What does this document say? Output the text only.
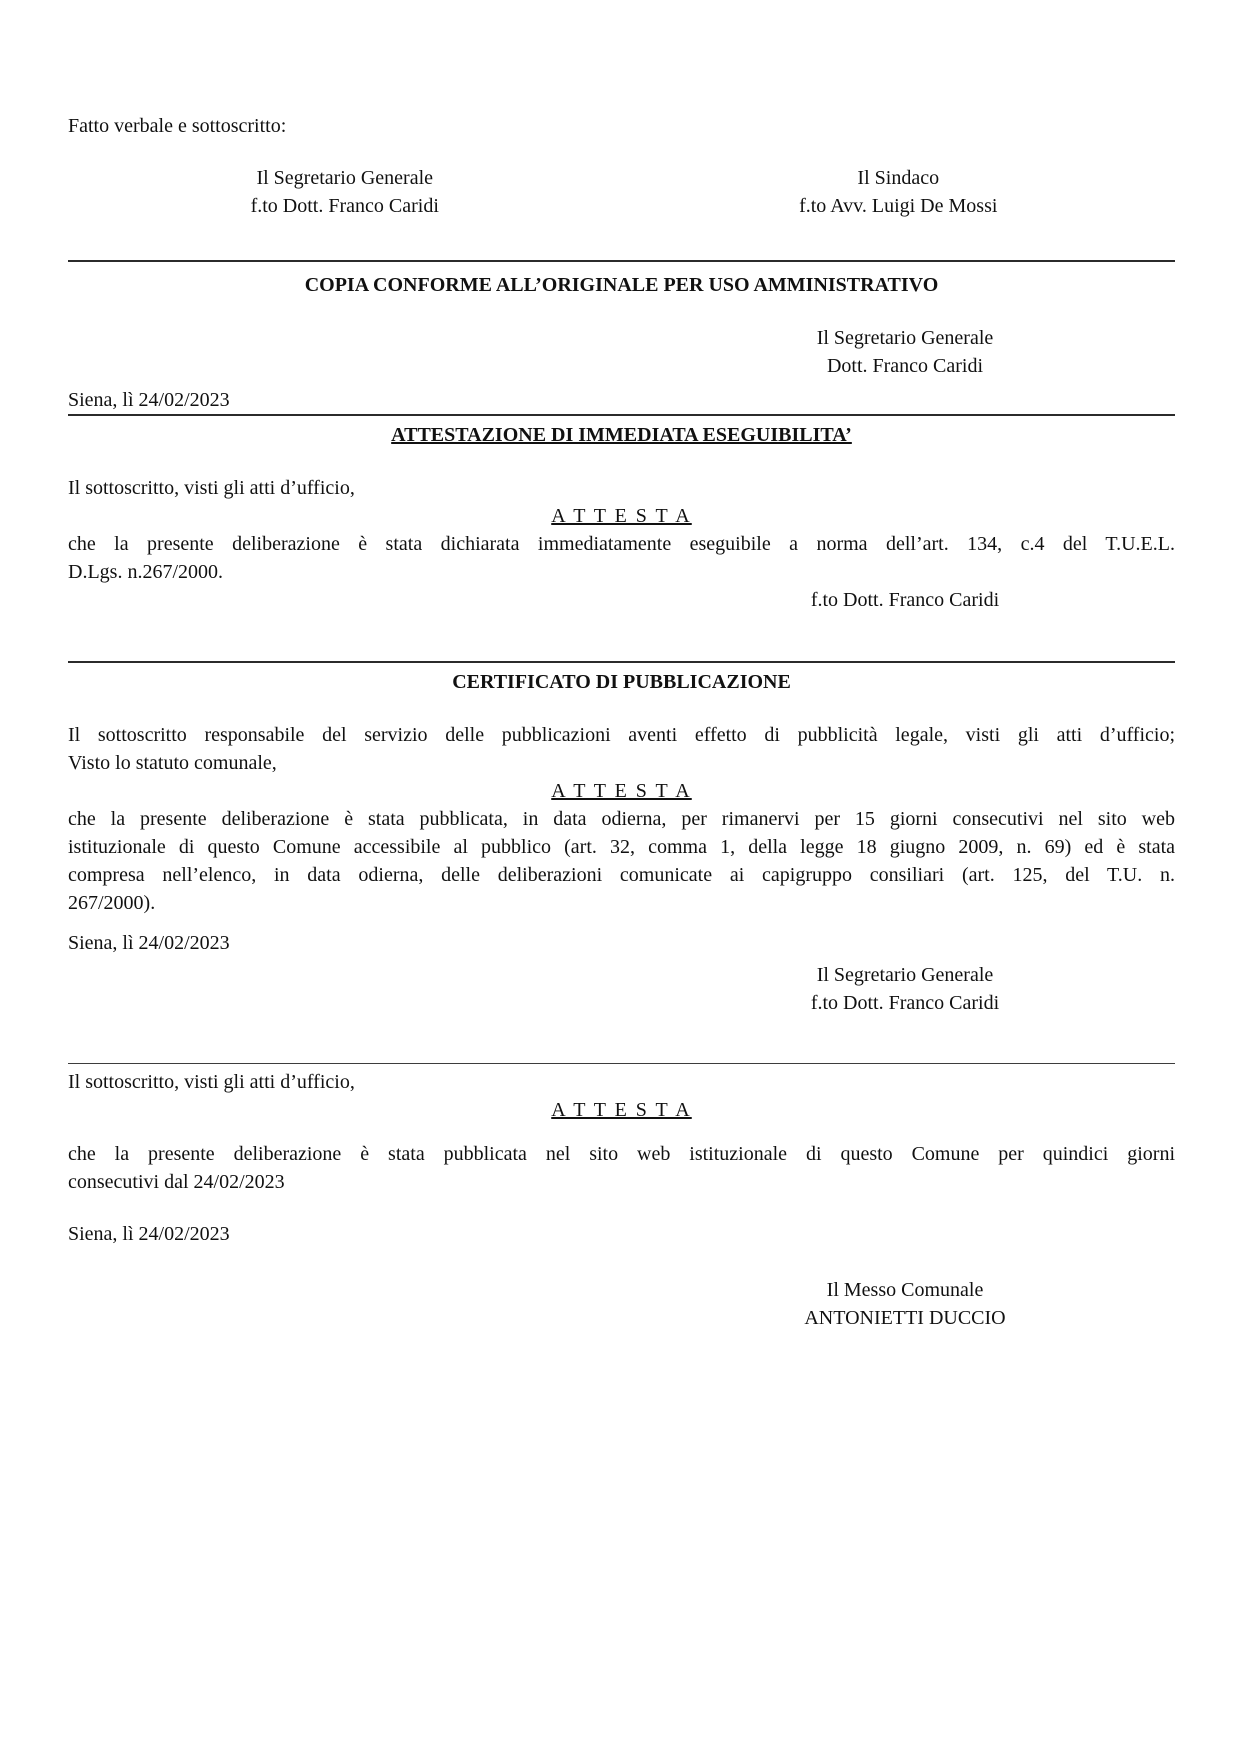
Fatto verbale e sottoscritto:

Il Segretario Generale
f.to Dott. Franco Caridi
Il Sindaco
f.to Avv. Luigi De Mossi
COPIA CONFORME ALL’ORIGINALE PER USO AMMINISTRATIVO
Il Segretario Generale
Dott. Franco Caridi
Siena, lì 24/02/2023
ATTESTAZIONE DI IMMEDIATA ESEGUIBILITA’

Il sottoscritto, visti gli atti d’ufficio,

A T T E S T A

che la presente deliberazione è stata dichiarata immediatamente eseguibile a norma dell’art. 134, c.4 del T.U.E.L.
D.Lgs. n.267/2000.
f.to Dott. Franco Caridi
CERTIFICATO DI PUBBLICAZIONE
Il sottoscritto responsabile del servizio delle pubblicazioni aventi effetto di pubblicità legale, visti gli atti d’ufficio;
Visto lo statuto comunale,

A T T E S T A

che la presente deliberazione è stata pubblicata, in data odierna, per rimanervi per 15 giorni consecutivi nel sito web
istituzionale di questo Comune accessibile al pubblico (art. 32, comma 1, della legge 18 giugno 2009, n. 69) ed è stata
compresa nell’elenco, in data odierna, delle deliberazioni comunicate ai capigruppo consiliari (art. 125, del T.U. n.
267/2000).

Siena, lì 24/02/2023

Il Segretario Generale
f.to Dott. Franco Caridi

Il sottoscritto, visti gli atti d’ufficio,

A T T E S T A

che la presente deliberazione è stata pubblicata nel sito web istituzionale di questo Comune per quindici giorni
consecutivi dal 24/02/2023

Siena, lì 24/02/2023

Il Messo Comunale
ANTONIETTI DUCCIO
